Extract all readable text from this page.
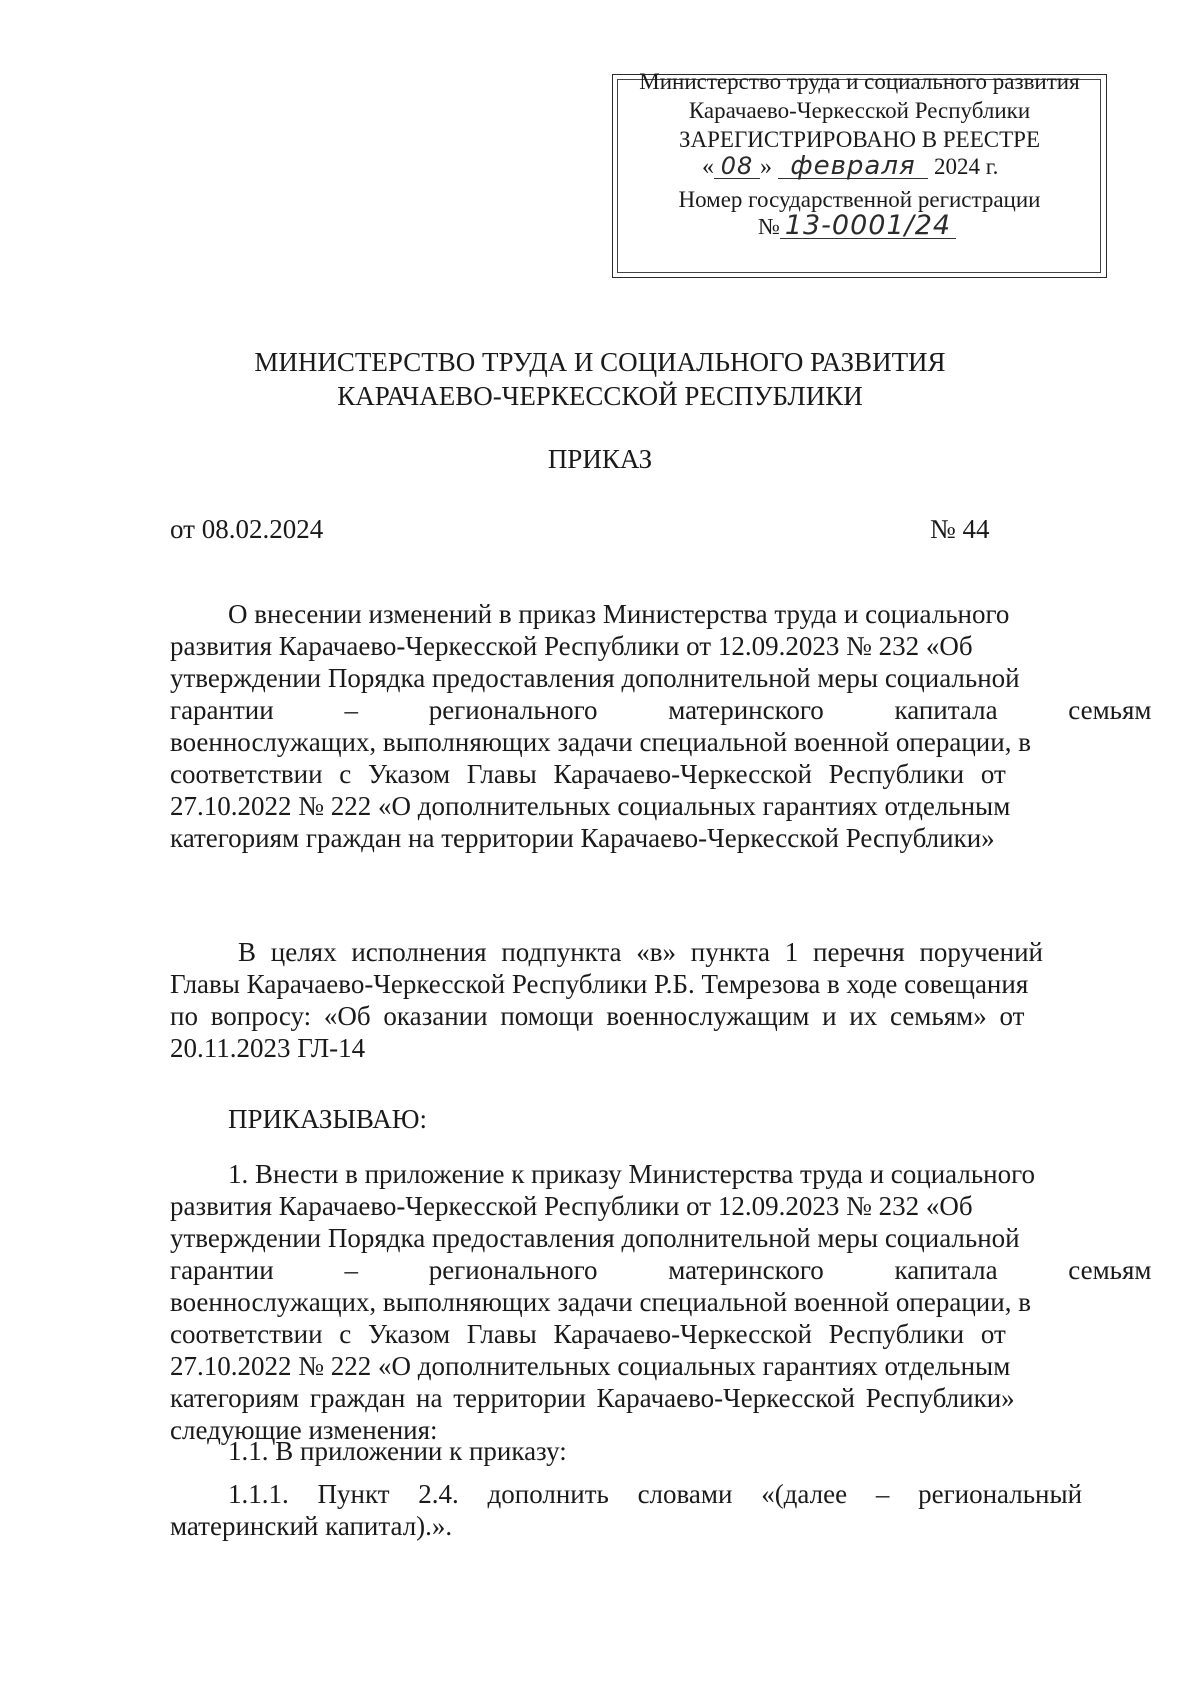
Министерство труда и социального развития
Карачаево-Черкесской Республики
ЗАРЕГИСТРИРОВАНО В РЕЕСТРЕ
« 08 » февраля 2024 г.
Номер государственной регистрации
№ 13-0001/24
МИНИСТЕРСТВО ТРУДА И СОЦИАЛЬНОГО РАЗВИТИЯ
КАРАЧАЕВО-ЧЕРКЕССКОЙ РЕСПУБЛИКИ
ПРИКАЗ
от 08.02.2024	№ 44
О внесении изменений в приказ Министерства труда и социального
развития Карачаево-Черкесской Республики от 12.09.2023 № 232 «Об
утверждении Порядка предоставления дополнительной меры социальной
гарантии – регионального материнского капитала семьям
военнослужащих, выполняющих задачи специальной военной операции, в
соответствии с Указом Главы Карачаево-Черкесской Республики от
27.10.2022 № 222 «О дополнительных социальных гарантиях отдельным
категориям граждан на территории Карачаево-Черкесской Республики»
В целях исполнения подпункта «в» пункта 1 перечня поручений
Главы Карачаево-Черкесской Республики Р.Б. Темрезова в ходе совещания
по вопросу: «Об оказании помощи военнослужащим и их семьям» от
20.11.2023 ГЛ-14
ПРИКАЗЫВАЮ:
1. Внести в приложение к приказу Министерства труда и социального
развития Карачаево-Черкесской Республики от 12.09.2023 № 232 «Об
утверждении Порядка предоставления дополнительной меры социальной
гарантии – регионального материнского капитала семьям
военнослужащих, выполняющих задачи специальной военной операции, в
соответствии с Указом Главы Карачаево-Черкесской Республики от
27.10.2022 № 222 «О дополнительных социальных гарантиях отдельным
категориям граждан на территории Карачаево-Черкесской Республики»
следующие изменения:
1.1. В приложении к приказу:
1.1.1. Пункт 2.4. дополнить словами «(далее – региональный
материнский капитал).».
